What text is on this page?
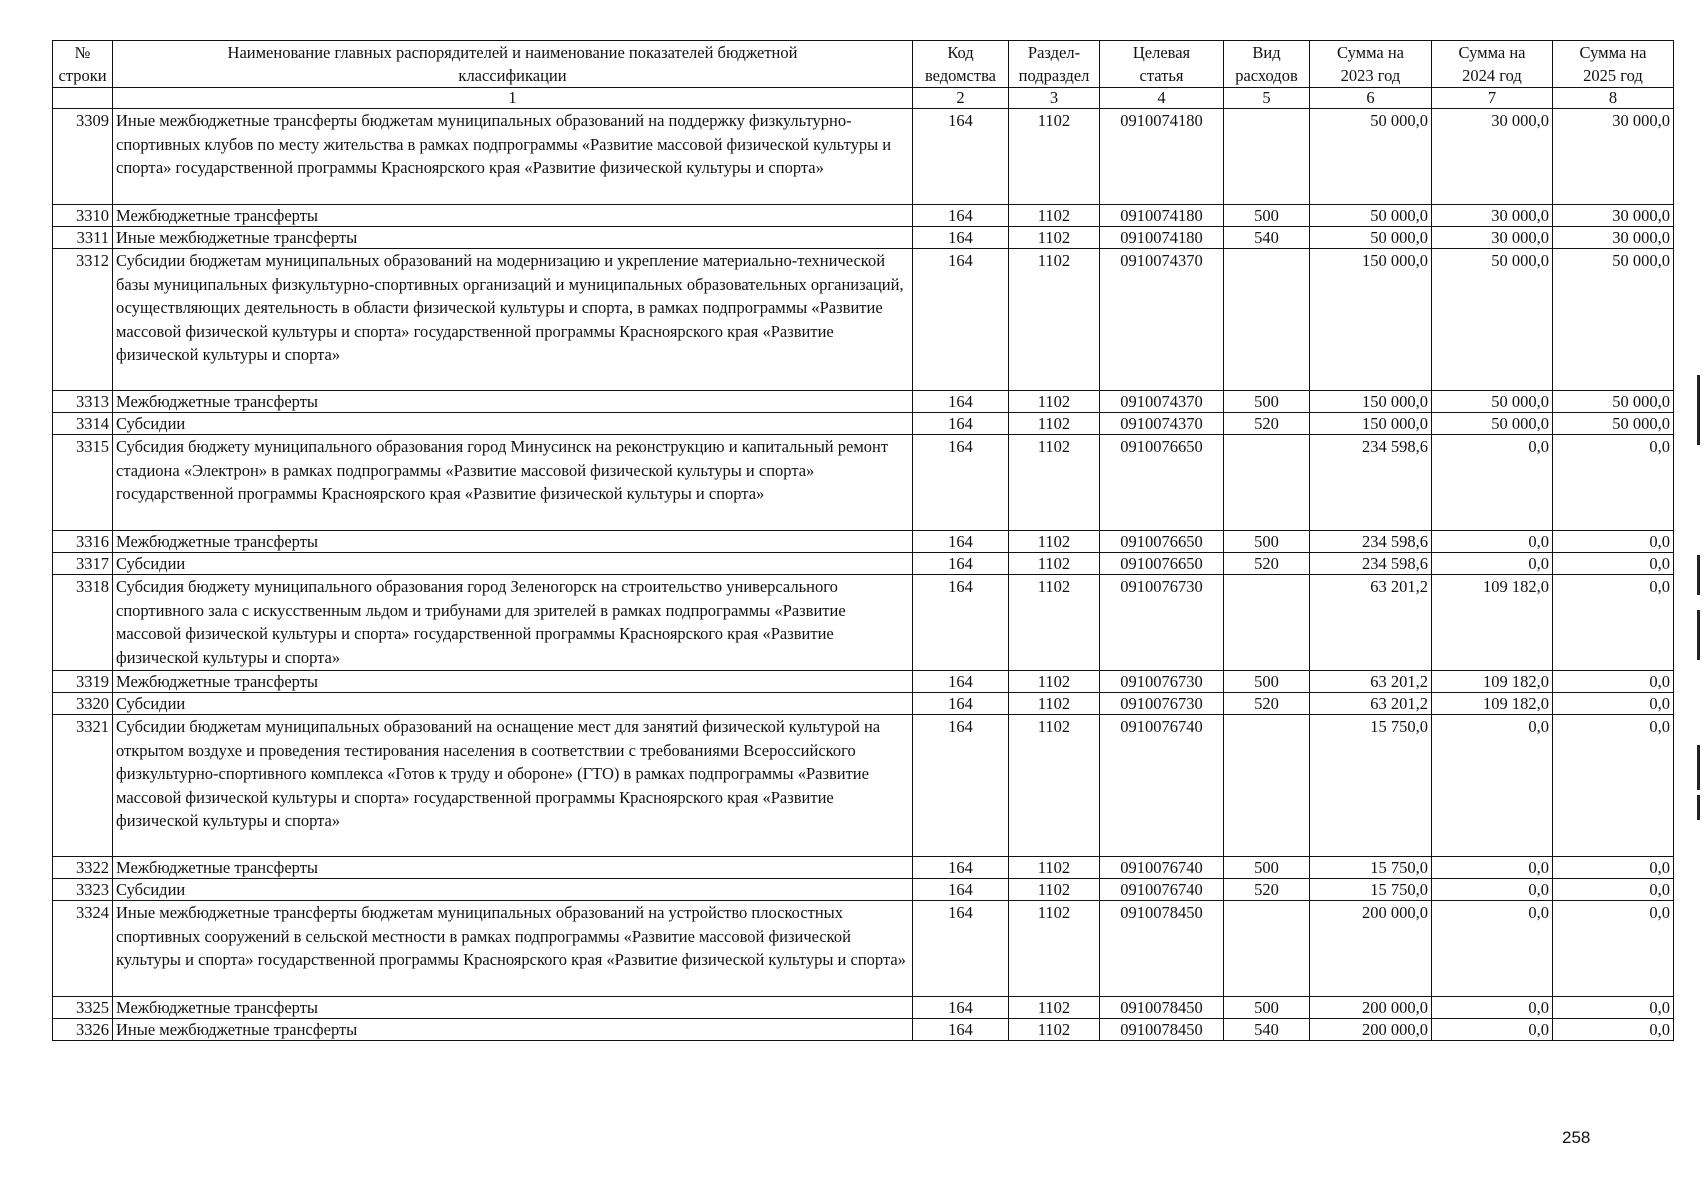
№ строки	Наименование главных распорядителей и наименование показателей бюджетной классификации	Код ведомства	Раздел-подраздел	Целевая статья	Вид расходов	Сумма на 2023 год	Сумма на 2024 год	Сумма на 2025 год
	1	2	3	4	5	6	7	8
3309	Иные межбюджетные трансферты бюджетам муниципальных образований на поддержку физкультурно-спортивных клубов по месту жительства в рамках подпрограммы «Развитие массовой физической культуры и спорта» государственной программы Красноярского края «Развитие физической культуры и спорта»	164	1102	0910074180		50 000,0	30 000,0	30 000,0
3310	Межбюджетные трансферты	164	1102	0910074180	500	50 000,0	30 000,0	30 000,0
3311	Иные межбюджетные трансферты	164	1102	0910074180	540	50 000,0	30 000,0	30 000,0
3312	Субсидии бюджетам муниципальных образований на модернизацию и укрепление материально-технической базы муниципальных физкультурно-спортивных организаций и муниципальных образовательных организаций, осуществляющих деятельность в области физической культуры и спорта, в рамках подпрограммы «Развитие массовой физической культуры и спорта» государственной программы Красноярского края «Развитие физической культуры и спорта»	164	1102	0910074370		150 000,0	50 000,0	50 000,0
3313	Межбюджетные трансферты	164	1102	0910074370	500	150 000,0	50 000,0	50 000,0
3314	Субсидии	164	1102	0910074370	520	150 000,0	50 000,0	50 000,0
3315	Субсидия бюджету муниципального образования город Минусинск на реконструкцию и капитальный ремонт стадиона «Электрон» в рамках подпрограммы «Развитие массовой физической культуры и спорта» государственной программы Красноярского края «Развитие физической культуры и спорта»	164	1102	0910076650		234 598,6	0,0	0,0
3316	Межбюджетные трансферты	164	1102	0910076650	500	234 598,6	0,0	0,0
3317	Субсидии	164	1102	0910076650	520	234 598,6	0,0	0,0
3318	Субсидия бюджету муниципального образования город Зеленогорск на строительство универсального спортивного зала с искусственным льдом и трибунами для зрителей в рамках подпрограммы «Развитие массовой физической культуры и спорта» государственной программы Красноярского края «Развитие физической культуры и спорта»	164	1102	0910076730		63 201,2	109 182,0	0,0
3319	Межбюджетные трансферты	164	1102	0910076730	500	63 201,2	109 182,0	0,0
3320	Субсидии	164	1102	0910076730	520	63 201,2	109 182,0	0,0
3321	Субсидии бюджетам муниципальных образований на оснащение мест для занятий физической культурой на открытом воздухе и проведения тестирования населения в соответствии с требованиями Всероссийского физкультурно-спортивного комплекса «Готов к труду и обороне» (ГТО) в рамках подпрограммы «Развитие массовой физической культуры и спорта» государственной программы Красноярского края «Развитие физической культуры и спорта»	164	1102	0910076740		15 750,0	0,0	0,0
3322	Межбюджетные трансферты	164	1102	0910076740	500	15 750,0	0,0	0,0
3323	Субсидии	164	1102	0910076740	520	15 750,0	0,0	0,0
3324	Иные межбюджетные трансферты бюджетам муниципальных образований на устройство плоскостных спортивных сооружений в сельской местности в рамках подпрограммы «Развитие массовой физической культуры и спорта» государственной программы Красноярского края «Развитие физической культуры и спорта»	164	1102	0910078450		200 000,0	0,0	0,0
3325	Межбюджетные трансферты	164	1102	0910078450	500	200 000,0	0,0	0,0
3326	Иные межбюджетные трансферты	164	1102	0910078450	540	200 000,0	0,0	0,0
258
